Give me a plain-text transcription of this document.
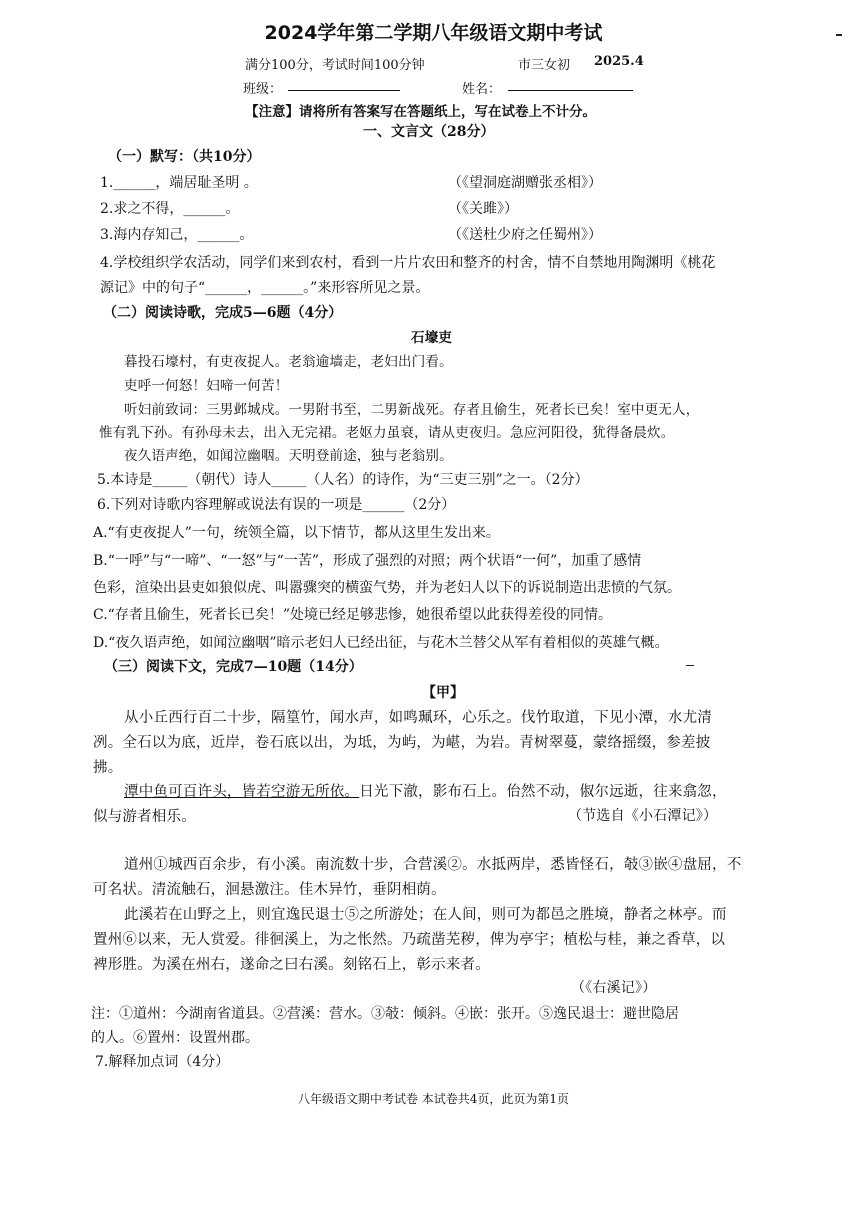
2024学年第二学期八年级语文期中考试
满分100分，考试时间100分钟	市三女初 2025.4
班级：	姓名：
【注意】请将所有答案写在答题纸上，写在试卷上不计分。
一、文言文（28分）
（一）默写：（共10分）
1.______，端居耻圣明 。	（《望洞庭湖赠张丞相》）
2.求之不得，______。	（《关雎》）
3.海内存知己，______。	（《送杜少府之任蜀州》）
4.学校组织学农活动，同学们来到农村，看到一片片农田和整齐的村舍，情不自禁地用陶渊明《桃花
源记》中的句子“______，______。”来形容所见之景。
（二）阅读诗歌，完成5—6题（4分）
石壕吏
暮投石壕村，有吏夜捉人。老翁逾墙走，老妇出门看。
吏呼一何怒！妇啼一何苦！
听妇前致词：三男邺城戍。一男附书至，二男新战死。存者且偷生，死者长已矣！室中更无人，
惟有乳下孙。有孙母未去，出入无完裙。老妪力虽衰，请从吏夜归。急应河阳役，犹得备晨炊。
夜久语声绝，如闻泣幽咽。天明登前途，独与老翁别。
5.本诗是_____（朝代）诗人_____（人名）的诗作，为“三吏三别”之一。（2分）
6.下列对诗歌内容理解或说法有误的一项是______（2分）
A.“有吏夜捉人”一句，统领全篇，以下情节，都从这里生发出来。
B.“一呼”与“一啼”、“一怒”与“一苦”，形成了强烈的对照；两个状语“一何”，加重了感情
色彩，渲染出县吏如狼似虎、叫嚣骤突的横蛮气势，并为老妇人以下的诉说制造出悲愤的气氛。
C.“存者且偷生，死者长已矣！”处境已经足够悲惨，她很希望以此获得差役的同情。
D.“夜久语声绝，如闻泣幽咽”暗示老妇人已经出征，与花木兰替父从军有着相似的英雄气概。
（三）阅读下文，完成7—10题（14分）
【甲】
从小丘西行百二十步，隔篁竹，闻水声，如鸣珮环，心乐之。伐竹取道，下见小潭，水尤清
冽。全石以为底，近岸，卷石底以出，为坻，为屿，为嵁，为岩。青树翠蔓，蒙络摇缀，参差披
拂。
潭中鱼可百许头，皆若空游无所依。日光下澈，影布石上。佁然不动，俶尔远逝，往来翕忽，
似与游者相乐。	（节选自《小石潭记》）
道州①城西百余步，有小溪。南流数十步，合营溪②。水抵两岸，悉皆怪石，攲③嵌④盘屈，不
可名状。清流触石，洄悬激注。佳木异竹，垂阴相荫。
此溪若在山野之上，则宜逸民退士⑤之所游处；在人间，则可为都邑之胜境，静者之林亭。而
置州⑥以来，无人赏爱。徘徊溪上，为之怅然。乃疏凿芜秽，俾为亭宇；植松与桂，兼之香草，以
裨形胜。为溪在州右，遂命之曰右溪。刻铭石上，彰示来者。
（《右溪记》）
注：①道州：今湖南省道县。②营溪：营水。③攲：倾斜。④嵌：张开。⑤逸民退士：避世隐居
的人。⑥置州：设置州郡。
7.解释加点词（4分）
八年级语文期中考试卷 本试卷共4页，此页为第1页
